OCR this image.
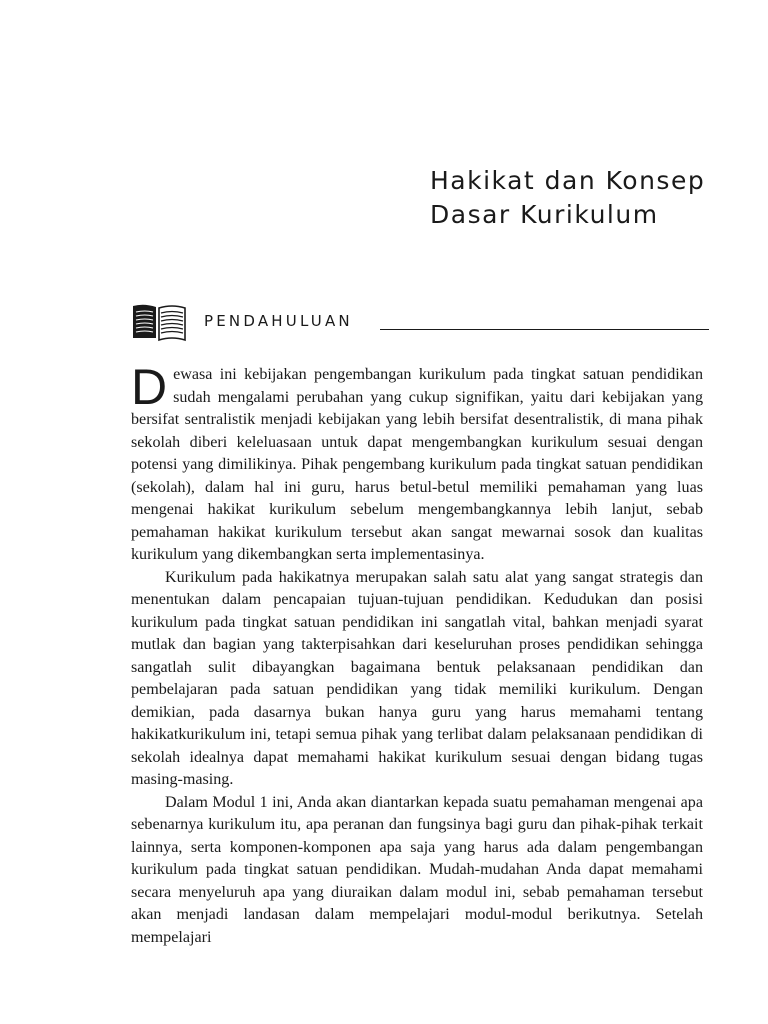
Hakikat dan Konsep
Dasar Kurikulum
PENDAHULUAN

Dewasa ini kebijakan pengembangan kurikulum pada tingkat satuan pendidikan sudah mengalami perubahan yang cukup signifikan, yaitu dari kebijakan yang bersifat sentralistik menjadi kebijakan yang lebih bersifat desentralistik, di mana pihak sekolah diberi keleluasaan untuk dapat mengembangkan kurikulum sesuai dengan potensi yang dimilikinya. Pihak pengembang kurikulum pada tingkat satuan pendidikan (sekolah), dalam hal ini guru, harus betul-betul memiliki pemahaman yang luas mengenai hakikat kurikulum sebelum mengembangkannya lebih lanjut, sebab pemahaman hakikat kurikulum tersebut akan sangat mewarnai sosok dan kualitas kurikulum yang dikembangkan serta implementasinya.

Kurikulum pada hakikatnya merupakan salah satu alat yang sangat strategis dan menentukan dalam pencapaian tujuan-tujuan pendidikan. Kedudukan dan posisi kurikulum pada tingkat satuan pendidikan ini sangatlah vital, bahkan menjadi syarat mutlak dan bagian yang takterpisahkan dari keseluruhan proses pendidikan sehingga sangatlah sulit dibayangkan bagaimana bentuk pelaksanaan pendidikan dan pembelajaran pada satuan pendidikan yang tidak memiliki kurikulum. Dengan demikian, pada dasarnya bukan hanya guru yang harus memahami tentang hakikatkurikulum ini, tetapi semua pihak yang terlibat dalam pelaksanaan pendidikan di sekolah idealnya dapat memahami hakikat kurikulum sesuai dengan bidang tugas masing-masing.

Dalam Modul 1 ini, Anda akan diantarkan kepada suatu pemahaman mengenai apa sebenarnya kurikulum itu, apa peranan dan fungsinya bagi guru dan pihak-pihak terkait lainnya, serta komponen-komponen apa saja yang harus ada dalam pengembangan kurikulum pada tingkat satuan pendidikan. Mudah-mudahan Anda dapat memahami secara menyeluruh apa yang diuraikan dalam modul ini, sebab pemahaman tersebut akan menjadi landasan dalam mempelajari modul-modul berikutnya. Setelah mempelajari
